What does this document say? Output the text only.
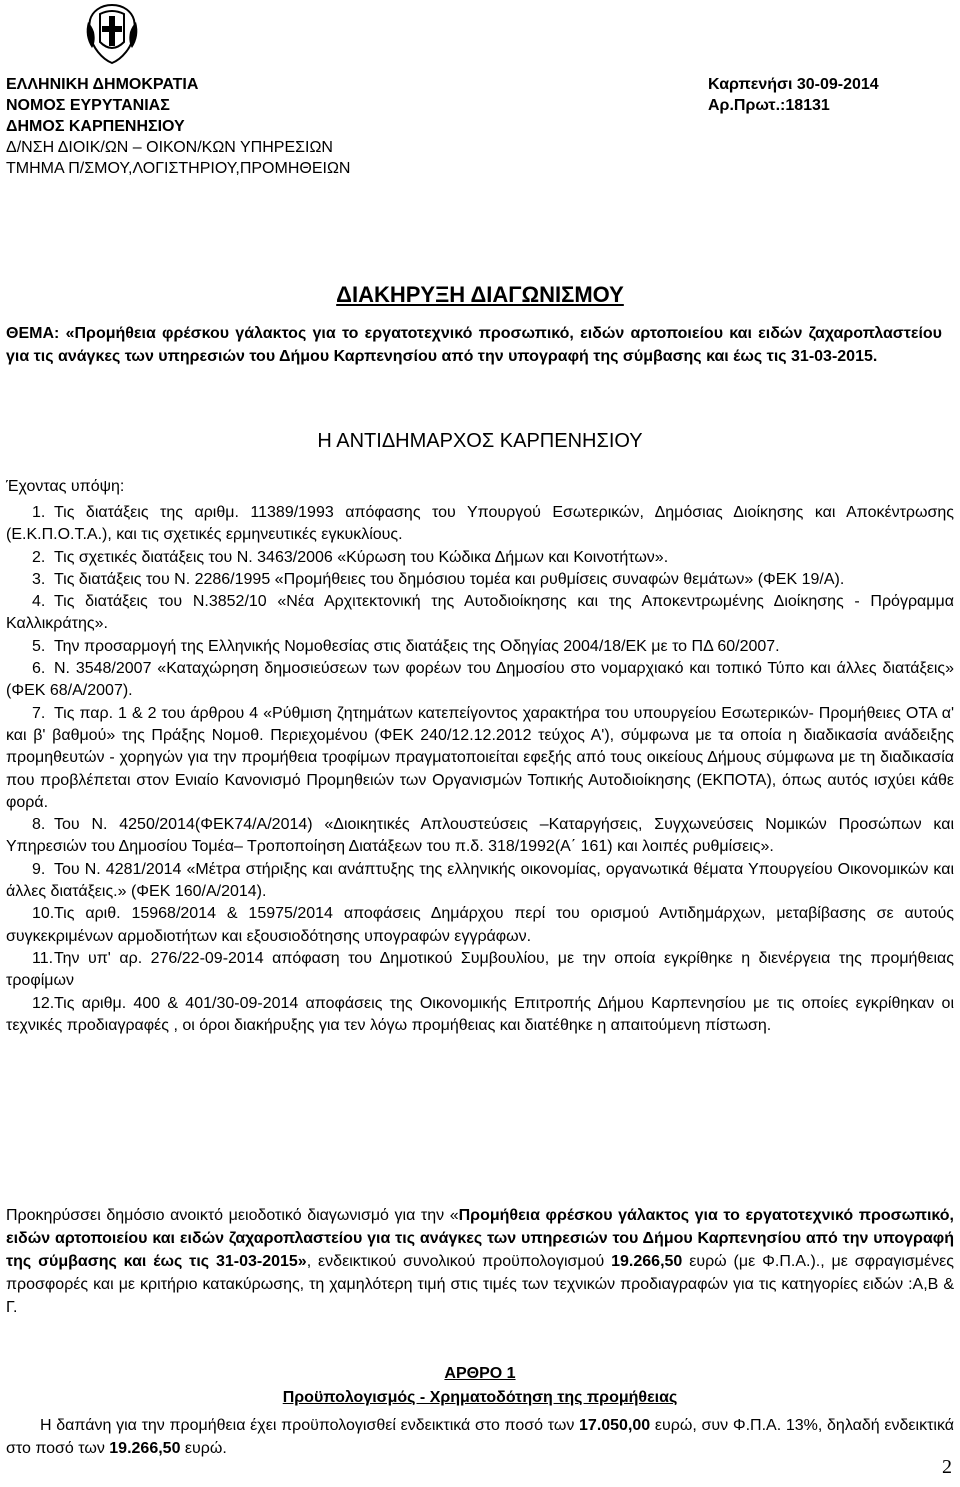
ΕΛΛΗΝΙΚΗ ΔΗΜΟΚΡΑΤΙΑ
ΝΟΜΟΣ ΕΥΡΥΤΑΝΙΑΣ
ΔΗΜΟΣ ΚΑΡΠΕΝΗΣΙΟΥ
Δ/ΝΣΗ ΔΙΟΙΚ/ΩΝ – ΟΙΚΟΝ/ΚΩΝ ΥΠΗΡΕΣΙΩΝ
ΤΜΗΜΑ Π/ΣΜΟΥ,ΛΟΓΙΣΤΗΡΙΟΥ,ΠΡΟΜΗΘΕΙΩΝ
Καρπενήσι 30-09-2014
Αρ.Πρωτ.:18131
ΔΙΑΚΗΡΥΞΗ ΔΙΑΓΩΝΙΣΜΟΥ
ΘΕΜΑ: «Προμήθεια φρέσκου γάλακτος για το εργατοτεχνικό προσωπικό, ειδών αρτοποιείου και ειδών ζαχαροπλαστείου για τις ανάγκες των υπηρεσιών του Δήμου Καρπενησίου από την υπογραφή της σύμβασης και έως τις 31-03-2015.
Η ΑΝΤΙΔΗΜΑΡΧΟΣ ΚΑΡΠΕΝΗΣΙΟΥ
Έχοντας υπόψη:
1. Τις διατάξεις της αριθμ. 11389/1993 απόφασης του Υπουργού Εσωτερικών, Δημόσιας Διοίκησης και Αποκέντρωσης (Ε.Κ.Π.Ο.Τ.Α.), και τις σχετικές ερμηνευτικές εγκυκλίους.
2. Τις σχετικές διατάξεις του Ν. 3463/2006 «Κύρωση του Κώδικα Δήμων και Κοινοτήτων».
3. Τις διατάξεις του Ν. 2286/1995 «Προμήθειες του δημόσιου τομέα και ρυθμίσεις συναφών θεμάτων» (ΦΕΚ 19/Α).
4. Τις διατάξεις του Ν.3852/10 «Νέα Αρχιτεκτονική της Αυτοδιοίκησης και της Αποκεντρωμένης Διοίκησης - Πρόγραμμα Καλλικράτης».
5. Την προσαρμογή της Ελληνικής Νομοθεσίας στις διατάξεις της Οδηγίας 2004/18/ΕΚ με το ΠΔ 60/2007.
6. Ν. 3548/2007 «Καταχώρηση δημοσιεύσεων των φορέων του Δημοσίου στο νομαρχιακό και τοπικό Τύπο και άλλες διατάξεις» (ΦΕΚ 68/Α/2007).
7. Τις παρ. 1 & 2 του άρθρου 4 «Ρύθμιση ζητημάτων κατεπείγοντος χαρακτήρα του υπουργείου Εσωτερικών- Προμήθειες ΟΤΑ α' και β' βαθμού» της Πράξης Νομοθ. Περιεχομένου (ΦΕΚ 240/12.12.2012 τεύχος Α'), σύμφωνα με τα οποία η διαδικασία ανάδειξης προμηθευτών - χορηγών για την προμήθεια τροφίμων πραγματοποιείται εφεξής από τους οικείους Δήμους σύμφωνα με τη διαδικασία που προβλέπεται στον Ενιαίο Κανονισμό Προμηθειών των Οργανισμών Τοπικής Αυτοδιοίκησης (ΕΚΠΟΤΑ), όπως αυτός ισχύει κάθε φορά.
8. Του Ν. 4250/2014(ΦΕΚ74/Α/2014) «Διοικητικές Απλουστεύσεις –Καταργήσεις, Συγχωνεύσεις Νομικών Προσώπων και Υπηρεσιών του Δημοσίου Τομέα– Τροποποίηση Διατάξεων του π.δ. 318/1992(Α΄ 161) και λοιπές ρυθμίσεις».
9. Του Ν. 4281/2014 «Μέτρα στήριξης και ανάπτυξης της ελληνικής οικονομίας, οργανωτικά θέματα Υπουργείου Οικονομικών και άλλες διατάξεις.» (ΦΕΚ 160/Α/2014).
10.Τις αριθ. 15968/2014 & 15975/2014 αποφάσεις Δημάρχου περί του ορισμού Αντιδημάρχων, μεταβίβασης σε αυτούς συγκεκριμένων αρμοδιοτήτων και εξουσιοδότησης υπογραφών εγγράφων.
11.Την υπ' αρ. 276/22-09-2014 απόφαση του Δημοτικού Συμβουλίου, με την οποία εγκρίθηκε η διενέργεια της προμήθειας τροφίμων
12.Τις αριθμ. 400 & 401/30-09-2014 αποφάσεις της Οικονομικής Επιτροπής Δήμου Καρπενησίου με τις οποίες εγκρίθηκαν οι τεχνικές προδιαγραφές , οι όροι διακήρυξης για τεν λόγω προμήθειας και διατέθηκε η απαιτούμενη πίστωση.
Προκηρύσσει δημόσιο ανοικτό μειοδοτικό διαγωνισμό για την «Προμήθεια φρέσκου γάλακτος για το εργατοτεχνικό προσωπικό, ειδών αρτοποιείου και ειδών ζαχαροπλαστείου για τις ανάγκες των υπηρεσιών του Δήμου Καρπενησίου από την υπογραφή της σύμβασης και έως τις 31-03-2015», ενδεικτικού συνολικού προϋπολογισμού 19.266,50 ευρώ (με Φ.Π.Α.)., με σφραγισμένες προσφορές και με κριτήριο κατακύρωσης, τη χαμηλότερη τιμή στις τιμές των τεχνικών προδιαγραφών για τις κατηγορίες ειδών :Α,Β & Γ.
ΑΡΘΡΟ 1
Προϋπολογισμός - Χρηματοδότηση της προμήθειας
Η δαπάνη για την προμήθεια έχει προϋπολογισθεί ενδεικτικά στο ποσό των 17.050,00 ευρώ, συν Φ.Π.Α. 13%, δηλαδή ενδεικτικά στο ποσό των 19.266,50 ευρώ.
2
